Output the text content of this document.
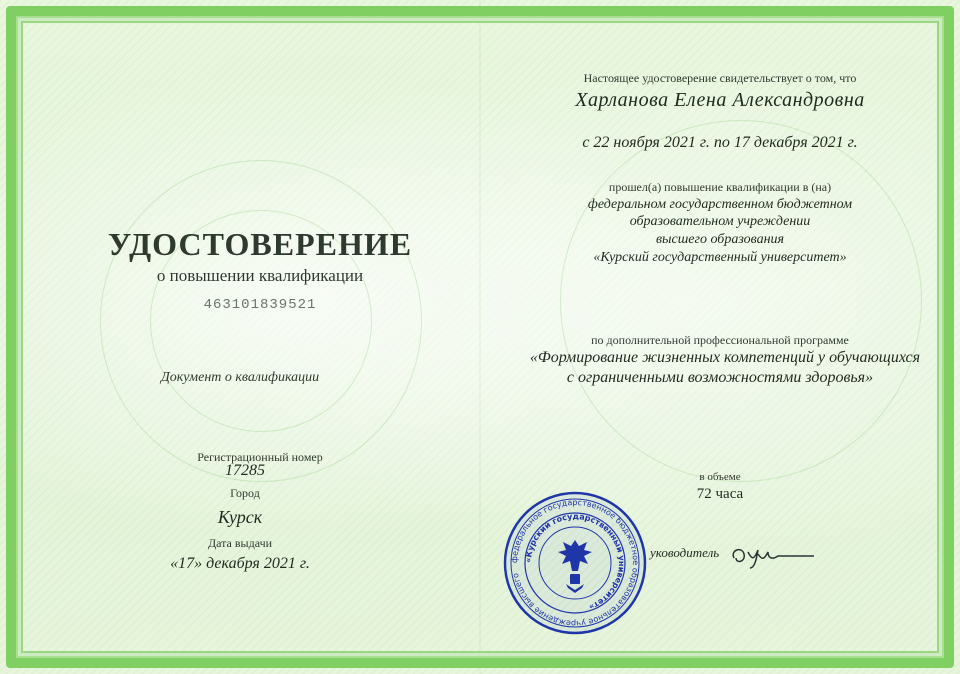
УДОСТОВЕРЕНИЕ
о повышении квалификации
463101839521
Документ о квалификации
Регистрационный номер
17285
Город
Курск
Дата выдачи
«17» декабря 2021 г.
Настоящее удостоверение свидетельствует о том, что
Харланова Елена Александровна
с 22 ноября 2021 г. по 17 декабря 2021 г.
прошел(а) повышение квалификации в (на)
федеральном государственном бюджетном
образовательном учреждении
высшего образования
«Курский государственный университет»
по дополнительной профессиональной программе
«Формирование жизненных компетенций у обучающихся
с ограниченными возможностями здоровья»
в объеме
72 часа
уководитель
федеральное государственное бюджетное образовательное учреждение высшего
«Курский государственный университет»
